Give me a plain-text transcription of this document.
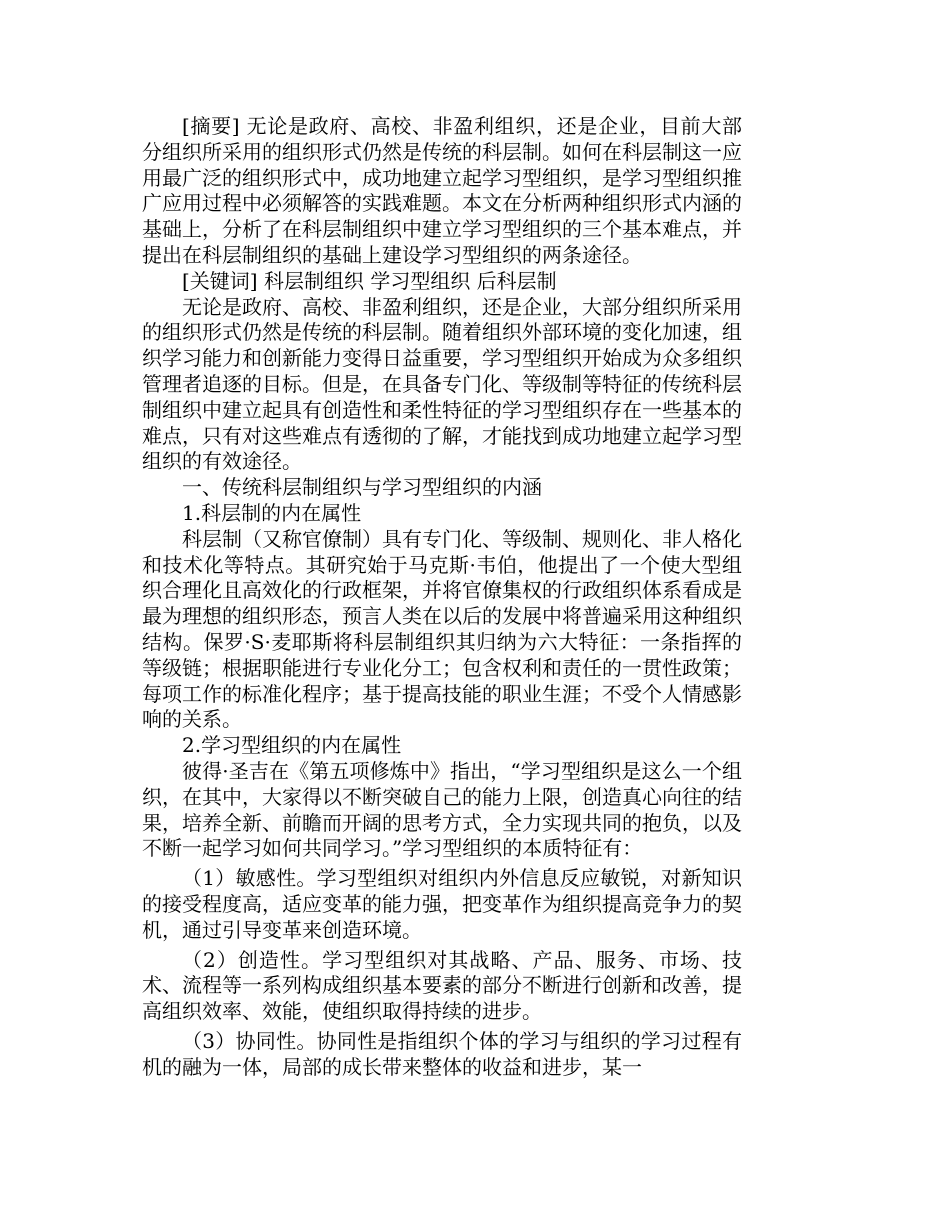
[摘要] 无论是政府、高校、非盈利组织，还是企业，目前大部分组织所采用的组织形式仍然是传统的科层制。如何在科层制这一应用最广泛的组织形式中，成功地建立起学习型组织，是学习型组织推广应用过程中必须解答的实践难题。本文在分析两种组织形式内涵的基础上，分析了在科层制组织中建立学习型组织的三个基本难点，并提出在科层制组织的基础上建设学习型组织的两条途径。

[关键词] 科层制组织 学习型组织 后科层制

无论是政府、高校、非盈利组织，还是企业，大部分组织所采用的组织形式仍然是传统的科层制。随着组织外部环境的变化加速，组织学习能力和创新能力变得日益重要，学习型组织开始成为众多组织管理者追逐的目标。但是，在具备专门化、等级制等特征的传统科层制组织中建立起具有创造性和柔性特征的学习型组织存在一些基本的难点，只有对这些难点有透彻的了解，才能找到成功地建立起学习型组织的有效途径。

一、传统科层制组织与学习型组织的内涵

1.科层制的内在属性

科层制（又称官僚制）具有专门化、等级制、规则化、非人格化和技术化等特点。其研究始于马克斯·韦伯，他提出了一个使大型组织合理化且高效化的行政框架，并将官僚集权的行政组织体系看成是最为理想的组织形态，预言人类在以后的发展中将普遍采用这种组织结构。保罗·S·麦耶斯将科层制组织其归纳为六大特征：一条指挥的等级链；根据职能进行专业化分工；包含权利和责任的一贯性政策；每项工作的标准化程序；基于提高技能的职业生涯；不受个人情感影响的关系。

2.学习型组织的内在属性

彼得·圣吉在《第五项修炼中》指出，“学习型组织是这么一个组织，在其中，大家得以不断突破自己的能力上限，创造真心向往的结果，培养全新、前瞻而开阔的思考方式，全力实现共同的抱负，以及不断一起学习如何共同学习。”学习型组织的本质特征有：

（1）敏感性。学习型组织对组织内外信息反应敏锐，对新知识的接受程度高，适应变革的能力强，把变革作为组织提高竞争力的契机，通过引导变革来创造环境。

（2）创造性。学习型组织对其战略、产品、服务、市场、技术、流程等一系列构成组织基本要素的部分不断进行创新和改善，提高组织效率、效能，使组织取得持续的进步。

（3）协同性。协同性是指组织个体的学习与组织的学习过程有机的融为一体，局部的成长带来整体的收益和进步，某一
